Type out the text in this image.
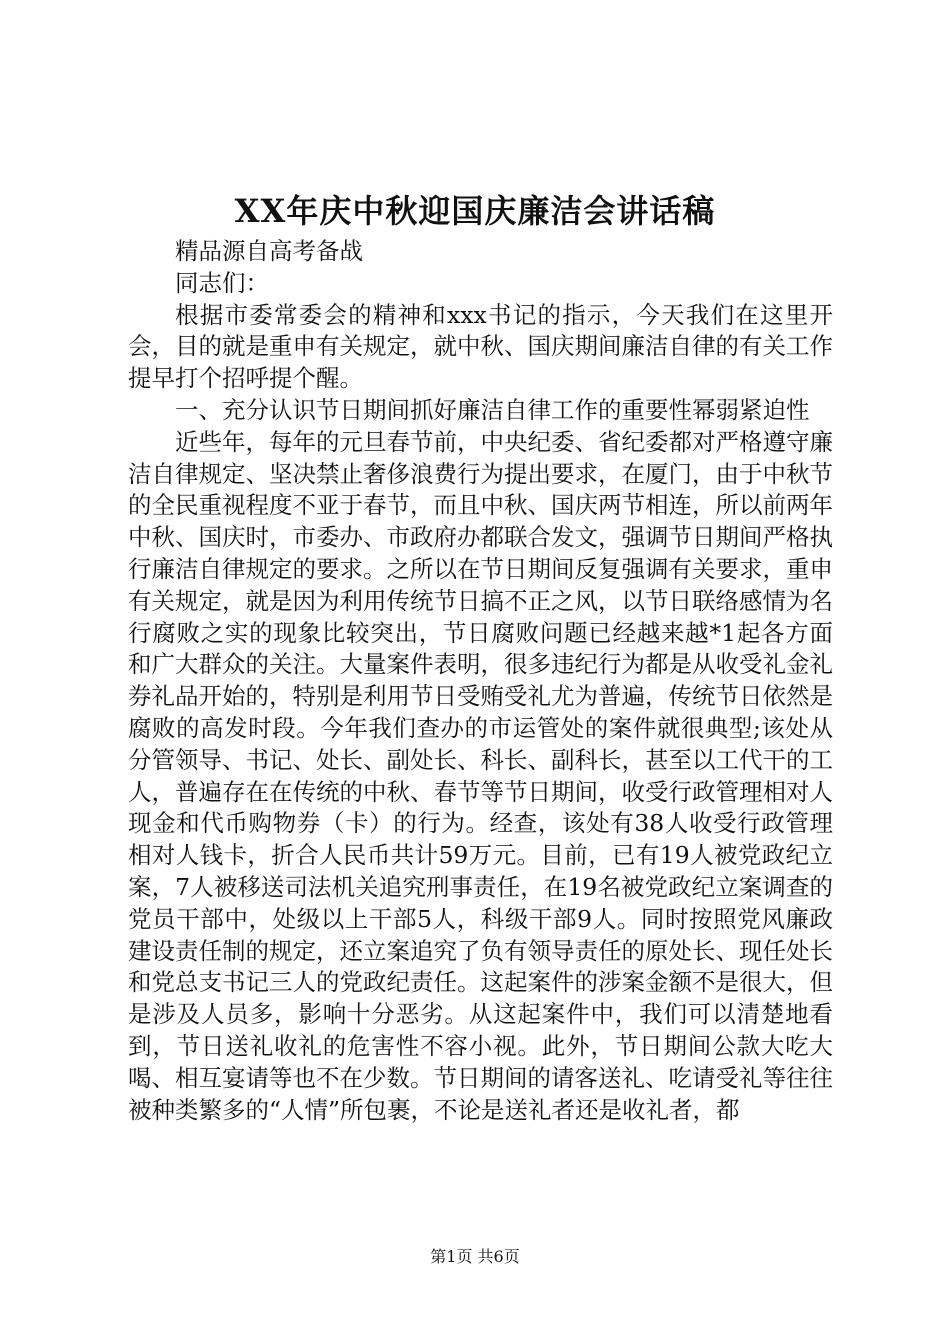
XX年庆中秋迎国庆廉洁会讲话稿

精品源自高考备战

同志们：

根据市委常委会的精神和xxx书记的指示，今天我们在这里开会，目的就是重申有关规定，就中秋、国庆期间廉洁自律的有关工作提早打个招呼提个醒。

一、充分认识节日期间抓好廉洁自律工作的重要性幂弱紧迫性

近些年，每年的元旦春节前，中央纪委、省纪委都对严格遵守廉洁自律规定、坚决禁止奢侈浪费行为提出要求，在厦门，由于中秋节的全民重视程度不亚于春节，而且中秋、国庆两节相连，所以前两年中秋、国庆时，市委办、市政府办都联合发文，强调节日期间严格执行廉洁自律规定的要求。之所以在节日期间反复强调有关要求，重申有关规定，就是因为利用传统节日搞不正之风，以节日联络感情为名行腐败之实的现象比较突出，节日腐败问题已经越来越*1起各方面和广大群众的关注。大量案件表明，很多违纪行为都是从收受礼金礼券礼品开始的，特别是利用节日受贿受礼尤为普遍，传统节日依然是腐败的高发时段。今年我们查办的市运管处的案件就很典型;该处从分管领导、书记、处长、副处长、科长、副科长，甚至以工代干的工人，普遍存在在传统的中秋、春节等节日期间，收受行政管理相对人现金和代币购物券（卡）的行为。经查，该处有38人收受行政管理相对人钱卡，折合人民币共计59万元。目前，已有19人被党政纪立案，7人被移送司法机关追究刑事责任，在19名被党政纪立案调查的党员干部中，处级以上干部5人，科级干部9人。同时按照党风廉政建设责任制的规定，还立案追究了负有领导责任的原处长、现任处长和党总支书记三人的党政纪责任。这起案件的涉案金额不是很大，但是涉及人员多，影响十分恶劣。从这起案件中，我们可以清楚地看到，节日送礼收礼的危害性不容小视。此外，节日期间公款大吃大喝、相互宴请等也不在少数。节日期间的请客送礼、吃请受礼等往往被种类繁多的“人情”所包裹，不论是送礼者还是收礼者，都

第1页 共6页
